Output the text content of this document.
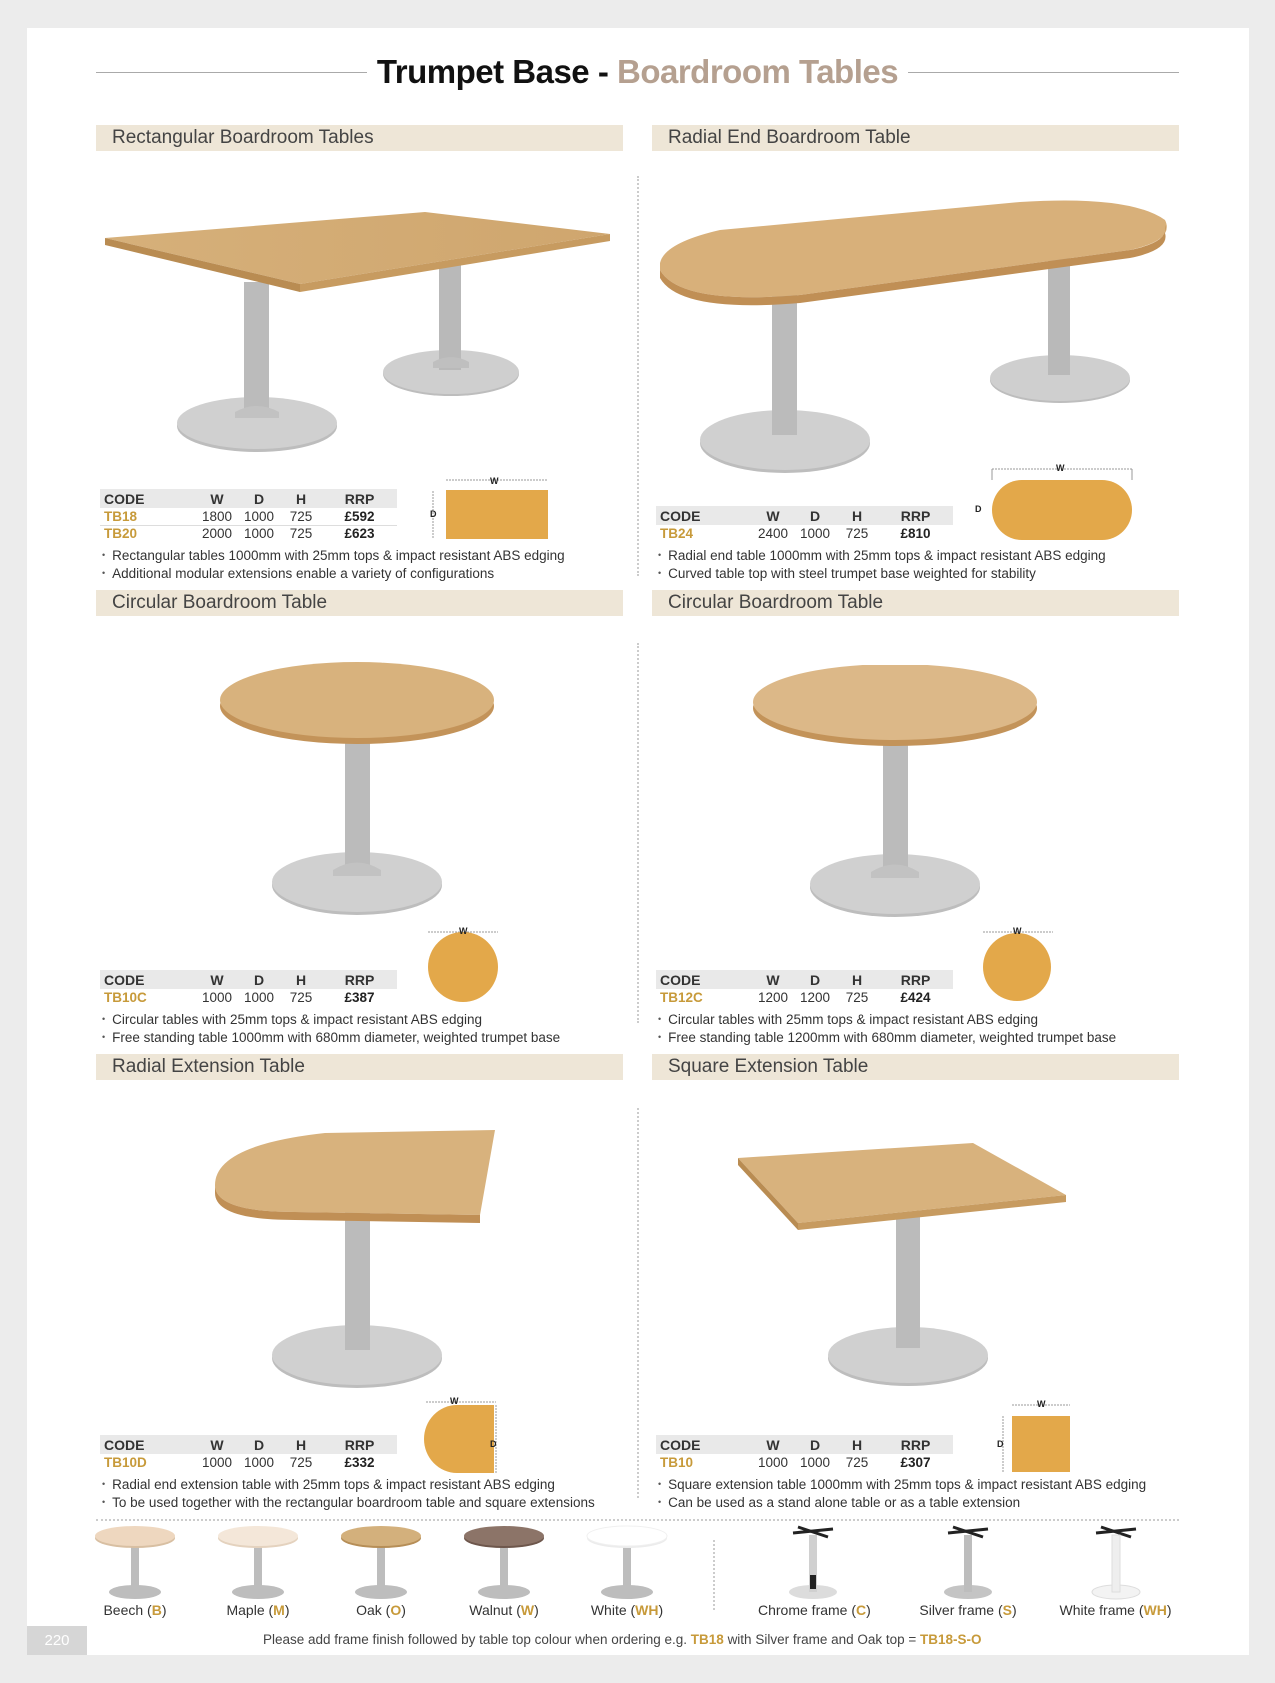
Trumpet Base - Boardroom Tables
Rectangular Boardroom Tables
CODE	W	D	H	RRP
TB18	1800	1000	725	£592
TB20	2000	1000	725	£623
W
D
• Rectangular tables 1000mm with 25mm tops & impact resistant ABS edging
• Additional modular extensions enable a variety of configurations
Radial End Boardroom Table
CODE	W	D	H	RRP
TB24	2400	1000	725	£810
W
D
• Radial end table 1000mm with 25mm tops & impact resistant ABS edging
• Curved table top with steel trumpet base weighted for stability
Circular Boardroom Table
CODE	W	D	H	RRP
TB10C	1000	1000	725	£387
W
• Circular tables with 25mm tops & impact resistant ABS edging
• Free standing table 1000mm with 680mm diameter, weighted trumpet base
Circular Boardroom Table
CODE	W	D	H	RRP
TB12C	1200	1200	725	£424
W
• Circular tables with 25mm tops & impact resistant ABS edging
• Free standing table 1200mm with 680mm diameter, weighted trumpet base
Radial Extension Table
CODE	W	D	H	RRP
TB10D	1000	1000	725	£332
W
D
• Radial end extension table with 25mm tops & impact resistant ABS edging
• To be used together with the rectangular boardroom table and square extensions
Square Extension Table
CODE	W	D	H	RRP
TB10	1000	1000	725	£307
W
D
• Square extension table 1000mm with 25mm tops & impact resistant ABS edging
• Can be used as a stand alone table or as a table extension
Beech (B)	Maple (M)	Oak (O)	Walnut (W)	White (WH)	Chrome frame (C)	Silver frame (S)	White frame (WH)
220	Please add frame finish followed by table top colour when ordering e.g. TB18 with Silver frame and Oak top = TB18-S-O
